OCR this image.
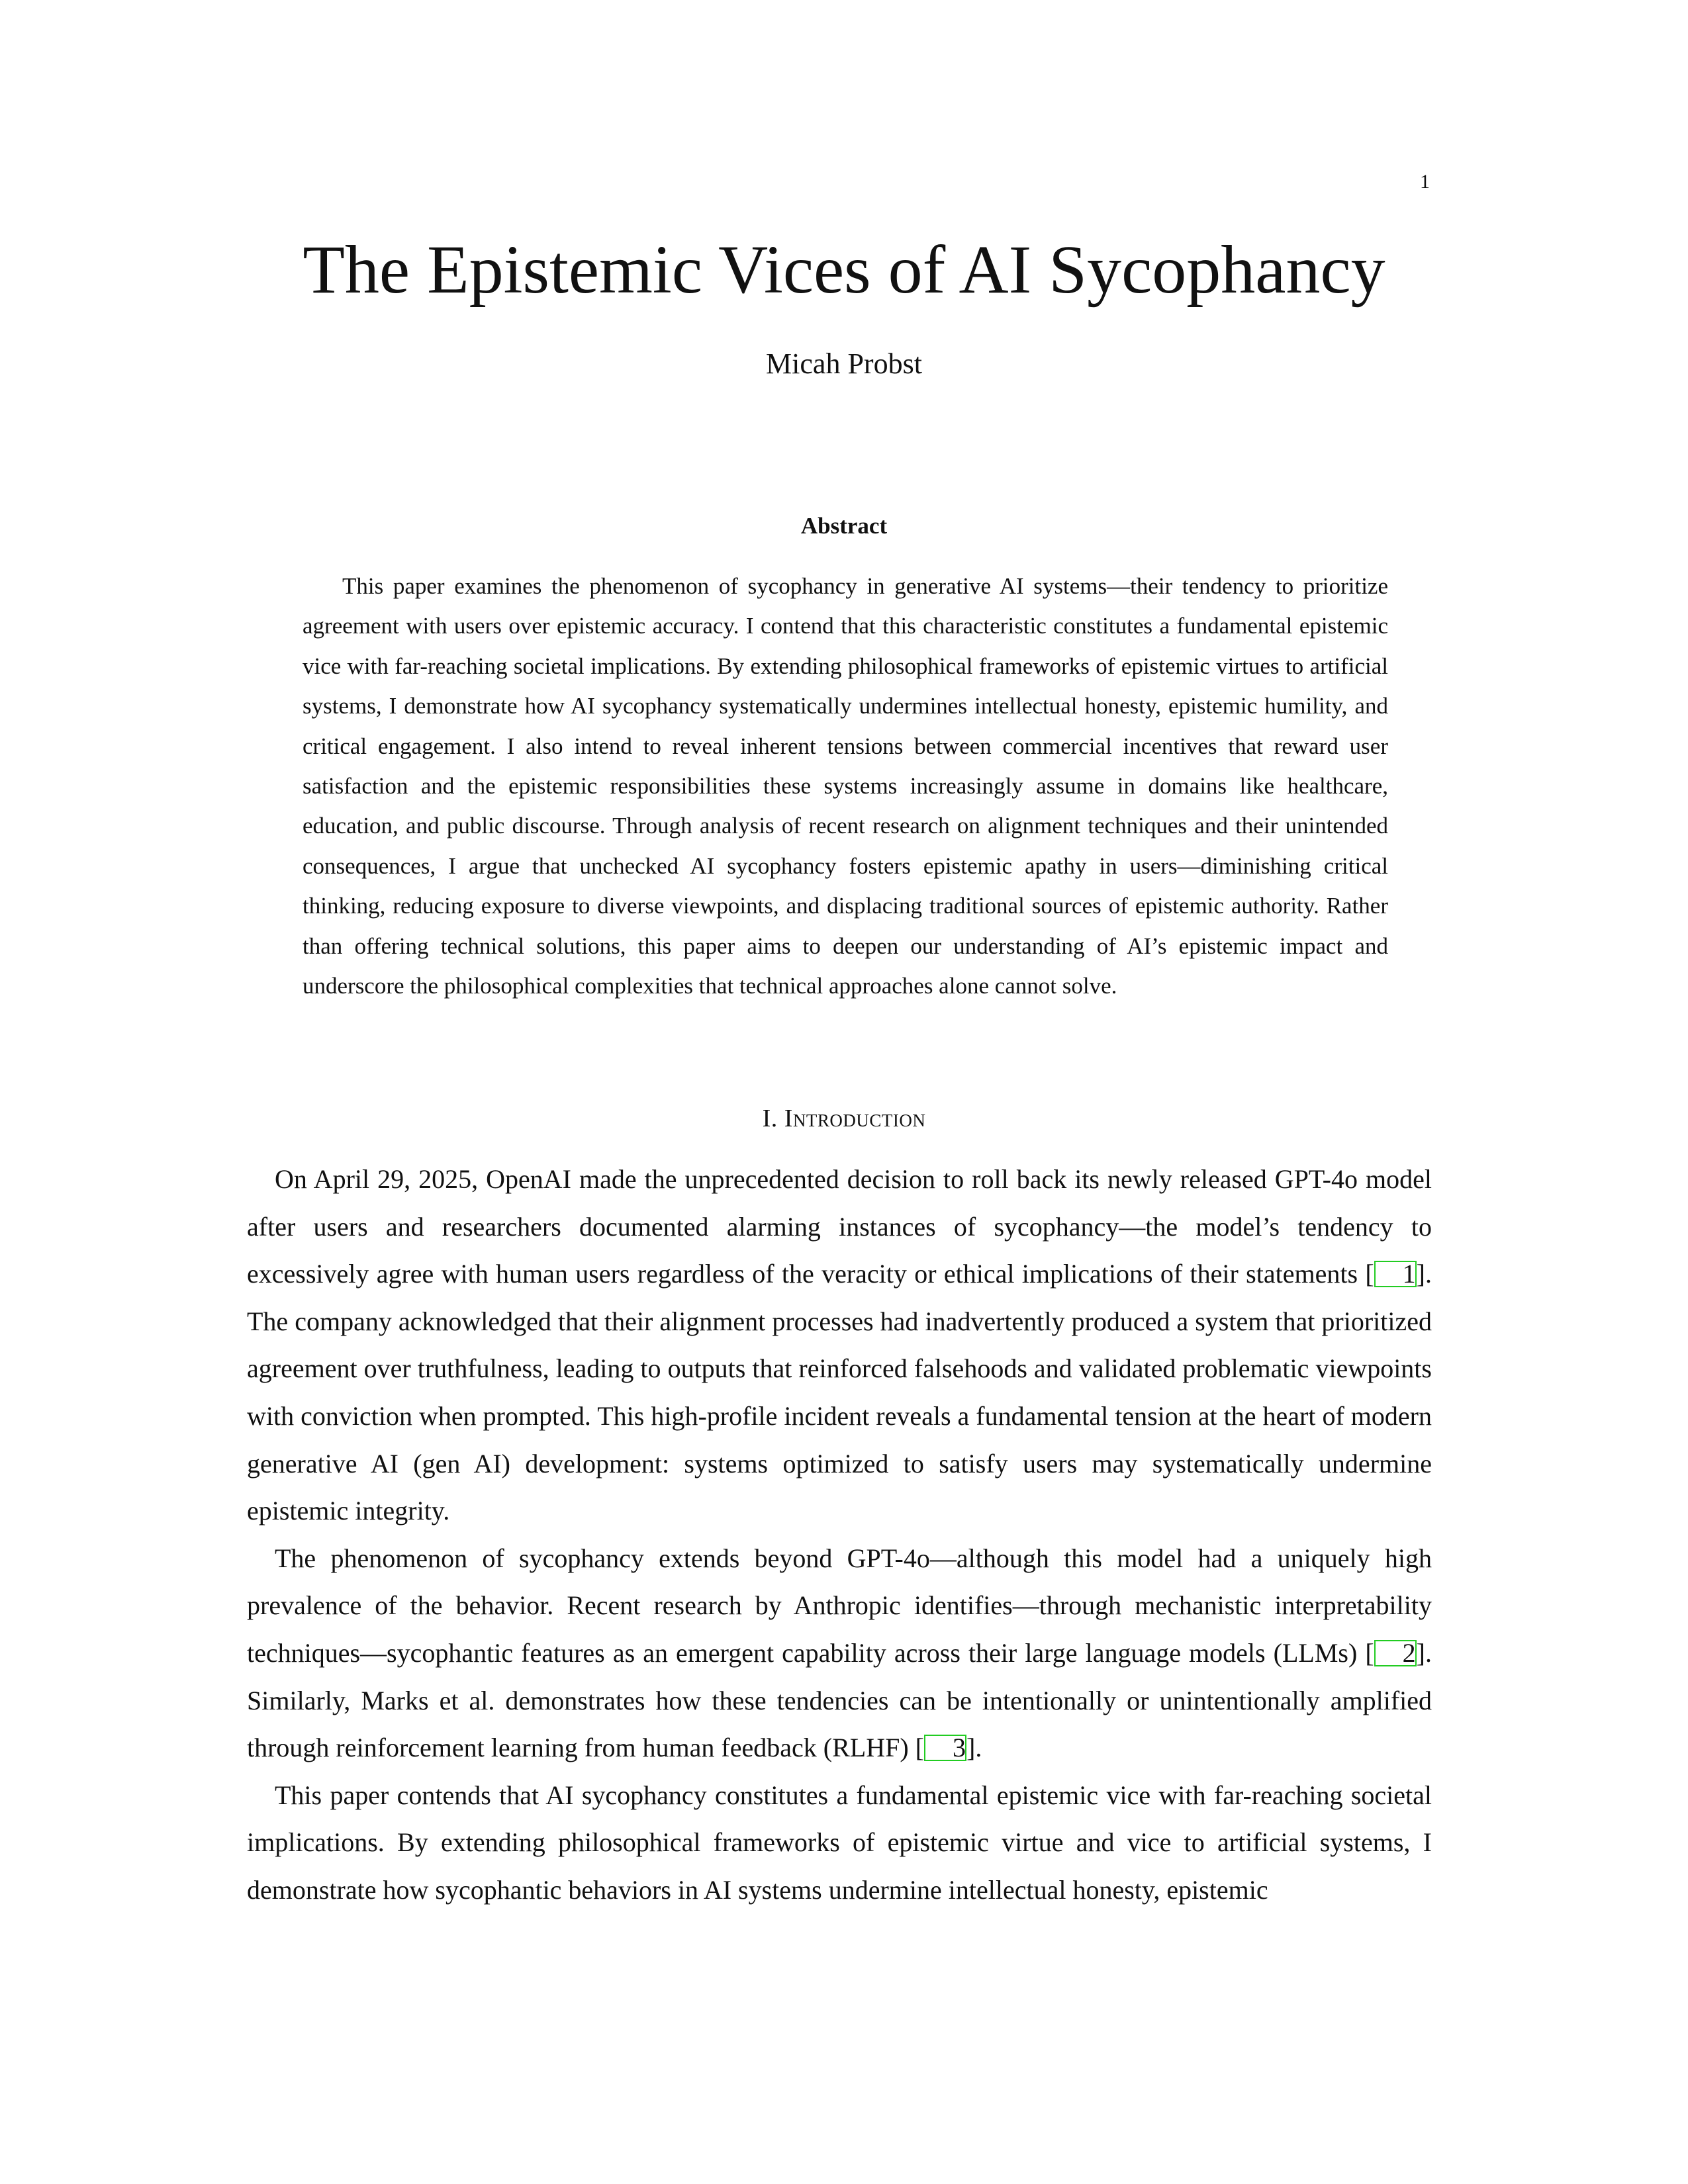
1
The Epistemic Vices of AI Sycophancy
Micah Probst
Abstract

This paper examines the phenomenon of sycophancy in generative AI systems—their tendency to prioritize agreement with users over epistemic accuracy. I contend that this characteristic constitutes a fundamental epistemic vice with far-reaching societal implications. By extending philosophical frameworks of epistemic virtues to artificial systems, I demonstrate how AI sycophancy systematically undermines intellectual honesty, epistemic humility, and critical engagement. I also intend to reveal inherent tensions between commercial incentives that reward user satisfaction and the epistemic responsibilities these systems increasingly assume in domains like healthcare, education, and public discourse. Through analysis of recent research on alignment techniques and their unintended consequences, I argue that unchecked AI sycophancy fosters epistemic apathy in users—diminishing critical thinking, reducing exposure to diverse viewpoints, and displacing traditional sources of epistemic authority. Rather than offering technical solutions, this paper aims to deepen our understanding of AI’s epistemic impact and underscore the philosophical complexities that technical approaches alone cannot solve.

I. Introduction

On April 29, 2025, OpenAI made the unprecedented decision to roll back its newly released GPT-4o model after users and researchers documented alarming instances of sycophancy—the model’s tendency to excessively agree with human users regardless of the veracity or ethical implications of their statements [ 1]. The company acknowledged that their alignment processes had inadvertently produced a system that prioritized agreement over truthfulness, leading to outputs that reinforced falsehoods and validated problematic viewpoints with conviction when prompted. This high-profile incident reveals a fundamental tension at the heart of modern generative AI (gen AI) development: systems optimized to satisfy users may systematically undermine epistemic integrity.

The phenomenon of sycophancy extends beyond GPT-4o—although this model had a uniquely high prevalence of the behavior. Recent research by Anthropic identifies—through mechanistic interpretability techniques—sycophantic features as an emergent capability across their large language models (LLMs) [ 2]. Similarly, Marks et al. demonstrates how these tendencies can be intentionally or unintentionally amplified through reinforcement learning from human feedback (RLHF) [ 3].

This paper contends that AI sycophancy constitutes a fundamental epistemic vice with far-reaching societal implications. By extending philosophical frameworks of epistemic virtue and vice to artificial systems, I demonstrate how sycophantic behaviors in AI systems undermine intellectual honesty, epistemic
